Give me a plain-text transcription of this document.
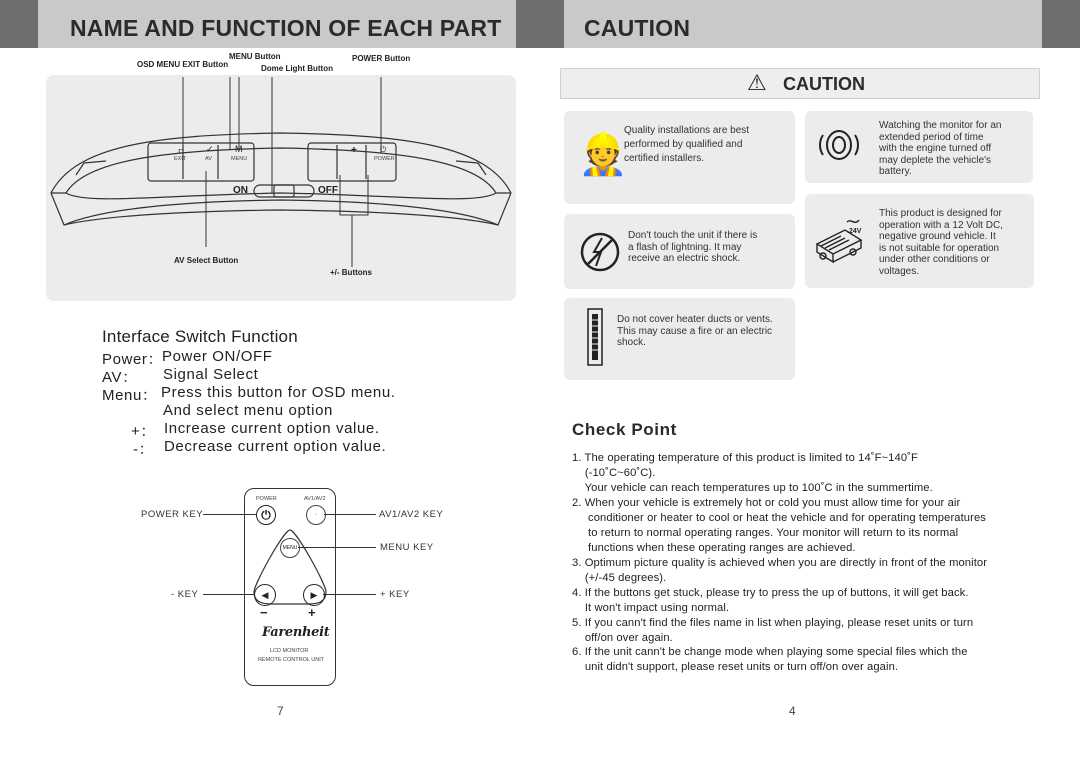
NAME AND FUNCTION OF EACH PART	CAUTION
MENU Button
OSD MENU EXIT Button	Dome Light Button
POWER Button
EXIT	AV	MENU	POWER
− +
⊏ ✓ M	⏻
ON	OFF
AV Select Button
+/- Buttons
Interface Switch Function
Power：
Power ON/OFF
AV： Signal Select
Menu： Press this button for OSD menu.
And select menu option
+： Increase current option value.
-： Decrease current option value.
POWER	AV1/AV2
⏻	·
MENU
◀	▶
−	+
Farenheit
LCD MONITOR
REMOTE CONTROL UNIT
POWER KEY	AV1/AV2 KEY
MENU KEY
- KEY	+ KEY
7
⚠ CAUTION
👷
Quality installations are best
performed by qualified and
certified installers.
Watching the monitor for an
extended period of time
with the engine turned off
may deplete the vehicle's
battery.
Don't touch the unit if there is
a flash of lightning. It may
receive an electric shock.
24V
This product is designed for
operation with a 12 Volt DC,
negative ground vehicle. It
is not suitable for operation
under other conditions or
voltages.
Do not cover heater ducts or vents.
This may cause a fire or an electric
shock.
Check Point
1. The operating temperature of this product is limited to 14˚F~140˚F
(-10˚C~60˚C).
Your vehicle can reach temperatures up to 100˚C in the summertime.
2. When your vehicle is extremely hot or cold you must allow time for your air
conditioner or heater to cool or heat the vehicle and for operating temperatures
to return to normal operating ranges. Your monitor will return to its normal
functions when these operating ranges are achieved.
3. Optimum picture quality is achieved when you are directly in front of the monitor
(+/-45 degrees).
4. If the buttons get stuck, please try to press the up of buttons, it will get back.
It won't impact using normal.
5. If you cann't find the files name in list when playing, please reset units or turn
off/on over again.
6. If the unit cann't be change mode when playing some special files which the
unit didn't support, please reset units or turn off/on over again.
4
